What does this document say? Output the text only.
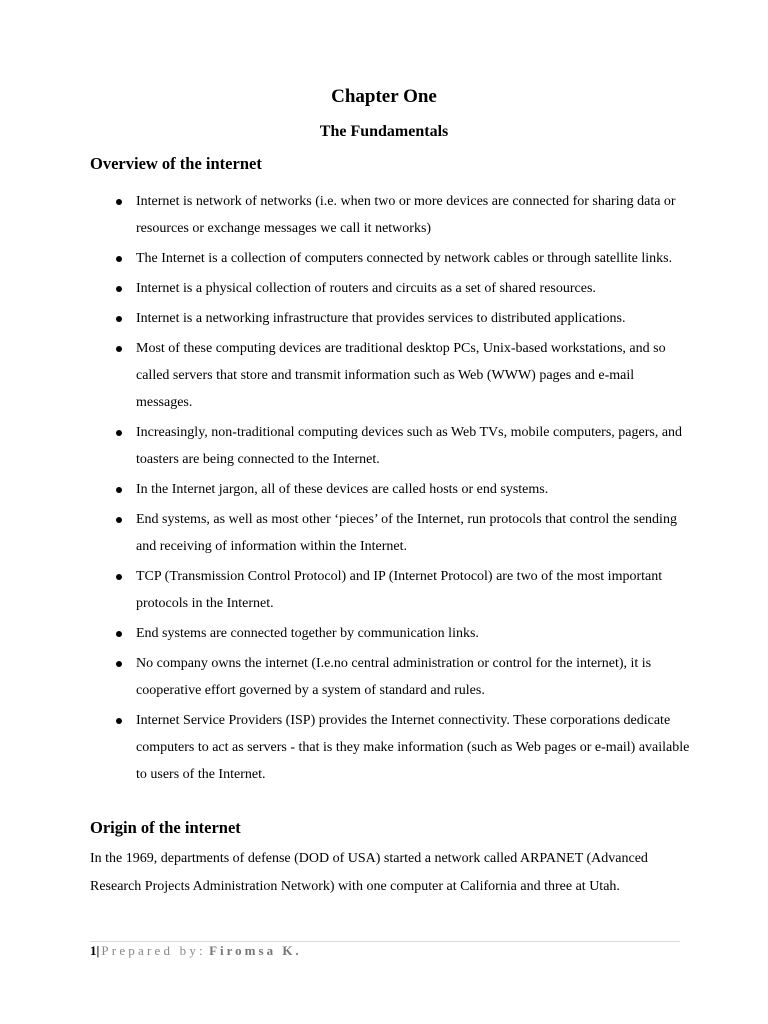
Chapter One
The Fundamentals
Overview of the internet
Internet is network of networks (i.e. when two or more devices are connected for sharing data or resources or exchange messages we call it networks)
The Internet is a collection of computers connected by network cables or through satellite links.
Internet is a physical collection of routers and circuits as a set of shared resources.
Internet is a networking infrastructure that provides services to distributed applications.
Most of these computing devices are traditional desktop PCs, Unix-based workstations, and so called servers that store and transmit information such as Web (WWW) pages and e-mail messages.
Increasingly, non-traditional computing devices such as Web TVs, mobile computers, pagers, and toasters are being connected to the Internet.
In the Internet jargon, all of these devices are called hosts or end systems.
End systems, as well as most other ‘pieces’ of the Internet, run protocols that control the sending and receiving of information within the Internet.
TCP (Transmission Control Protocol) and IP (Internet Protocol) are two of the most important protocols in the Internet.
End systems are connected together by communication links.
No company owns the internet (I.e.no central administration or control for the internet), it is cooperative effort governed by a system of standard and rules.
Internet Service Providers (ISP) provides the Internet connectivity. These corporations dedicate computers to act as servers - that is they make information (such as Web pages or e-mail) available to users of the Internet.
Origin of the internet

In the 1969, departments of defense (DOD of USA) started a network called ARPANET (Advanced Research Projects Administration Network) with one computer at California and three at Utah.

1| Prepared by: Firomsa K.
